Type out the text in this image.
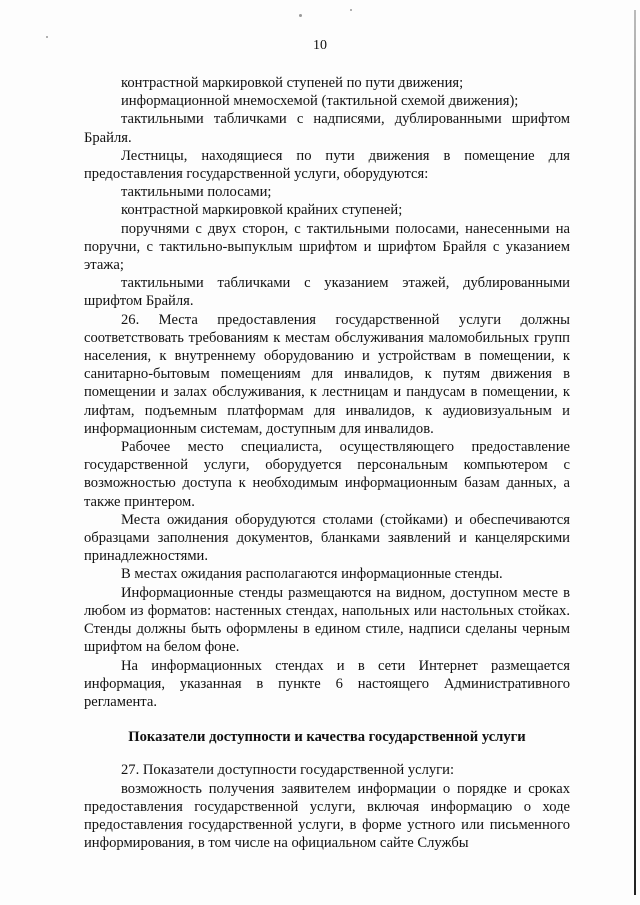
10

контрастной маркировкой ступеней по пути движения;

информационной мнемосхемой (тактильной схемой движения);

тактильными табличками с надписями, дублированными шрифтом Брайля.

Лестницы, находящиеся по пути движения в помещение для предоставления государственной услуги, оборудуются:

тактильными полосами;

контрастной маркировкой крайних ступеней;

поручнями с двух сторон, с тактильными полосами, нанесенными на поручни, с тактильно-выпуклым шрифтом и шрифтом Брайля с указанием этажа;

тактильными табличками с указанием этажей, дублированными шрифтом Брайля.

26. Места предоставления государственной услуги должны соответствовать требованиям к местам обслуживания маломобильных групп населения, к внутреннему оборудованию и устройствам в помещении, к санитарно-бытовым помещениям для инвалидов, к путям движения в помещении и залах обслуживания, к лестницам и пандусам в помещении, к лифтам, подъемным платформам для инвалидов, к аудиовизуальным и информационным системам, доступным для инвалидов.

Рабочее место специалиста, осуществляющего предоставление государственной услуги, оборудуется персональным компьютером с возможностью доступа к необходимым информационным базам данных, а также принтером.

Места ожидания оборудуются столами (стойками) и обеспечиваются образцами заполнения документов, бланками заявлений и канцелярскими принадлежностями.

В местах ожидания располагаются информационные стенды.

Информационные стенды размещаются на видном, доступном месте в любом из форматов: настенных стендах, напольных или настольных стойках. Стенды должны быть оформлены в едином стиле, надписи сделаны черным шрифтом на белом фоне.

На информационных стендах и в сети Интернет размещается информация, указанная в пункте 6 настоящего Административного регламента.

Показатели доступности и качества государственной услуги

27. Показатели доступности государственной услуги:

возможность получения заявителем информации о порядке и сроках предоставления государственной услуги, включая информацию о ходе предоставления государственной услуги, в форме устного или письменного информирования, в том числе на официальном сайте Службы
